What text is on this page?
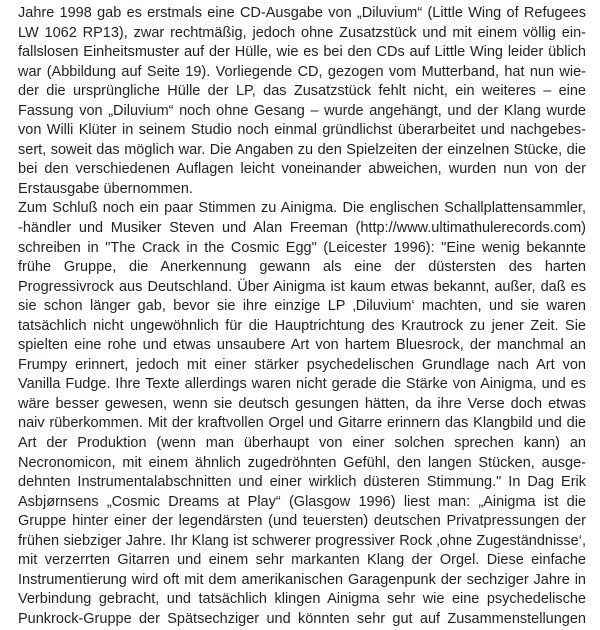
Jahre 1998 gab es erstmals eine CD-Ausgabe von „Diluvium“ (Little Wing of Refugees
LW 1062 RP13), zwar rechtmäßig, jedoch ohne Zusatzstück und mit einem völlig ein-
fallslosen Einheitsmuster auf der Hülle, wie es bei den CDs auf Little Wing leider üblich
war (Abbildung auf Seite 19). Vorliegende CD, gezogen vom Mutterband, hat nun wie-
der die ursprüngliche Hülle der LP, das Zusatzstück fehlt nicht, ein weiteres – eine
Fassung von „Diluvium“ noch ohne Gesang – wurde angehängt, und der Klang wurde
von Willi Klüter in seinem Studio noch einmal gründlichst überarbeitet und nachgebes-
sert, soweit das möglich war. Die Angaben zu den Spielzeiten der einzelnen Stücke, die
bei den verschiedenen Auflagen leicht voneinander abweichen, wurden nun von der
Erstausgabe übernommen.
Zum Schluß noch ein paar Stimmen zu Ainigma. Die englischen Schallplattensammler,
-händler und Musiker Steven und Alan Freeman (http://www.ultimathulerecords.com)
schreiben in "The Crack in the Cosmic Egg" (Leicester 1996): "Eine wenig bekannte
frühe Gruppe, die Anerkennung gewann als eine der düstersten des harten
Progressivrock aus Deutschland. Über Ainigma ist kaum etwas bekannt, außer, daß es
sie schon länger gab, bevor sie ihre einzige LP ‚Diluvium‘ machten, und sie waren
tatsächlich nicht ungewöhnlich für die Hauptrichtung des Krautrock zu jener Zeit. Sie
spielten eine rohe und etwas unsaubere Art von hartem Bluesrock, der manchmal an
Frumpy erinnert, jedoch mit einer stärker psychedelischen Grundlage nach Art von
Vanilla Fudge. Ihre Texte allerdings waren nicht gerade die Stärke von Ainigma, und es
wäre besser gewesen, wenn sie deutsch gesungen hätten, da ihre Verse doch etwas
naiv rüberkommen. Mit der kraftvollen Orgel und Gitarre erinnern das Klangbild und die
Art der Produktion (wenn man überhaupt von einer solchen sprechen kann) an
Necronomicon, mit einem ähnlich zugedröhnten Gefühl, den langen Stücken, ausge-
dehnten Instrumentalabschnitten und einer wirklich düsteren Stimmung." In Dag Erik
Asbjørnsens „Cosmic Dreams at Play“ (Glasgow 1996) liest man: „Ainigma ist die
Gruppe hinter einer der legendärsten (und teuersten) deutschen Privatpressungen der
frühen siebziger Jahre. Ihr Klang ist schwerer progressiver Rock ‚ohne Zugeständnisse‘,
mit verzerrten Gitarren und einem sehr markanten Klang der Orgel. Diese einfache
Instrumentierung wird oft mit dem amerikanischen Garagenpunk der sechziger Jahre in
Verbindung gebracht, und tatsächlich klingen Ainigma sehr wie eine psychedelische
Punkrock-Gruppe der Spätsechziger und könnten sehr gut auf Zusammenstellungen
